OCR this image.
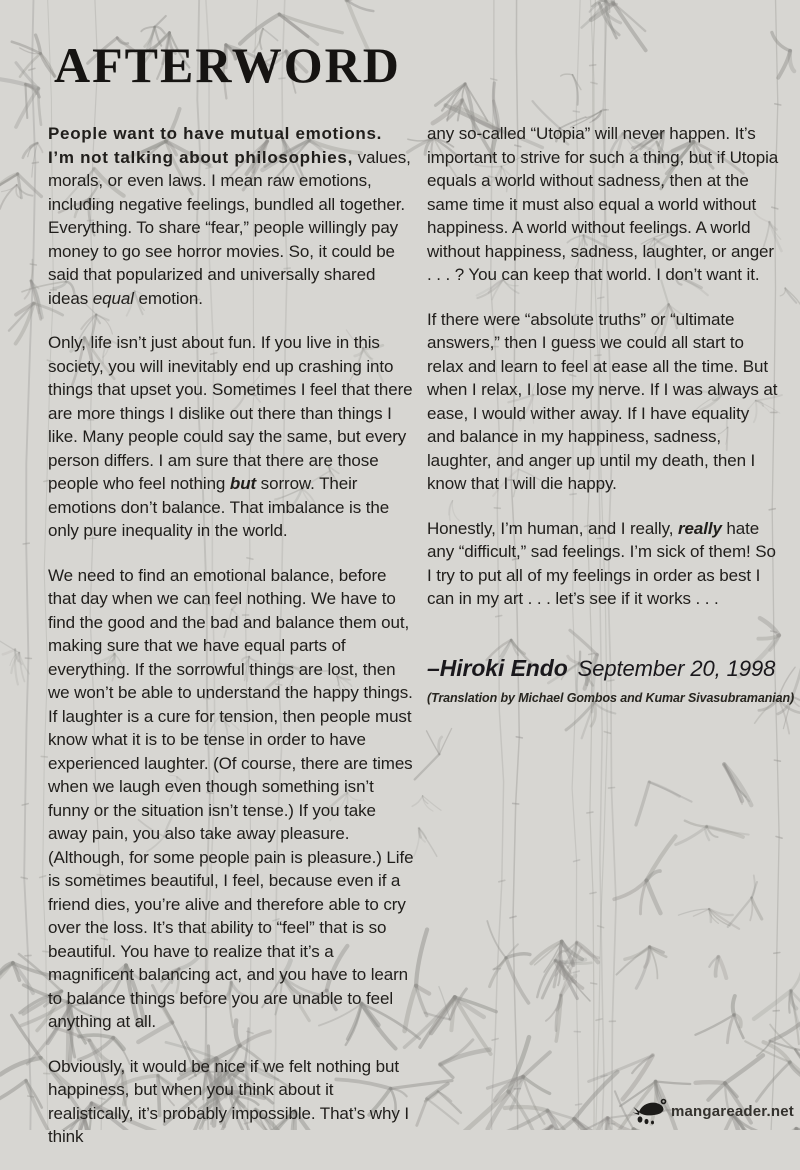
AFTERWORD

People want to have mutual emotions. I’m not talking about philosophies, values, morals, or even laws. I mean raw emotions, including negative feelings, bundled all together. Everything. To share “fear,” people willingly pay money to go see horror movies. So, it could be said that popularized and universally shared ideas equal emotion.

Only, life isn’t just about fun. If you live in this society, you will inevitably end up crashing into things that upset you. Sometimes I feel that there are more things I dislike out there than things I like. Many people could say the same, but every person differs. I am sure that there are those people who feel nothing but sorrow. Their emotions don’t balance. That imbalance is the only pure inequality in the world.

We need to find an emotional balance, before that day when we can feel nothing. We have to find the good and the bad and balance them out, making sure that we have equal parts of everything. If the sorrowful things are lost, then we won’t be able to understand the happy things. If laughter is a cure for tension, then people must know what it is to be tense in order to have experienced laughter. (Of course, there are times when we laugh even though something isn’t funny or the situation isn’t tense.) If you take away pain, you also take away pleasure. (Although, for some people pain is pleasure.) Life is sometimes beautiful, I feel, because even if a friend dies, you’re alive and therefore able to cry over the loss. It’s that ability to “feel” that is so beautiful. You have to realize that it’s a magnificent balancing act, and you have to learn to balance things before you are unable to feel anything at all.

Obviously, it would be nice if we felt nothing but happiness, but when you think about it realistically, it’s probably impossible. That’s why I think

any so-called “Utopia” will never happen. It’s important to strive for such a thing, but if Utopia equals a world without sadness, then at the same time it must also equal a world without happiness. A world without feelings. A world without happiness, sadness, laughter, or anger . . . ? You can keep that world. I don’t want it.

If there were “absolute truths” or “ultimate answers,” then I guess we could all start to relax and learn to feel at ease all the time. But when I relax, I lose my nerve. If I was always at ease, I would wither away. If I have equality and balance in my happiness, sadness, laughter, and anger up until my death, then I know that I will die happy.

Honestly, I’m human, and I really, really hate any “difficult,” sad feelings. I’m sick of them! So I try to put all of my feelings in order as best I can in my art . . . let’s see if it works . . .

–Hiroki Endo September 20, 1998
(Translation by Michael Gombos and Kumar Sivasubramanian)
mangareader.net
